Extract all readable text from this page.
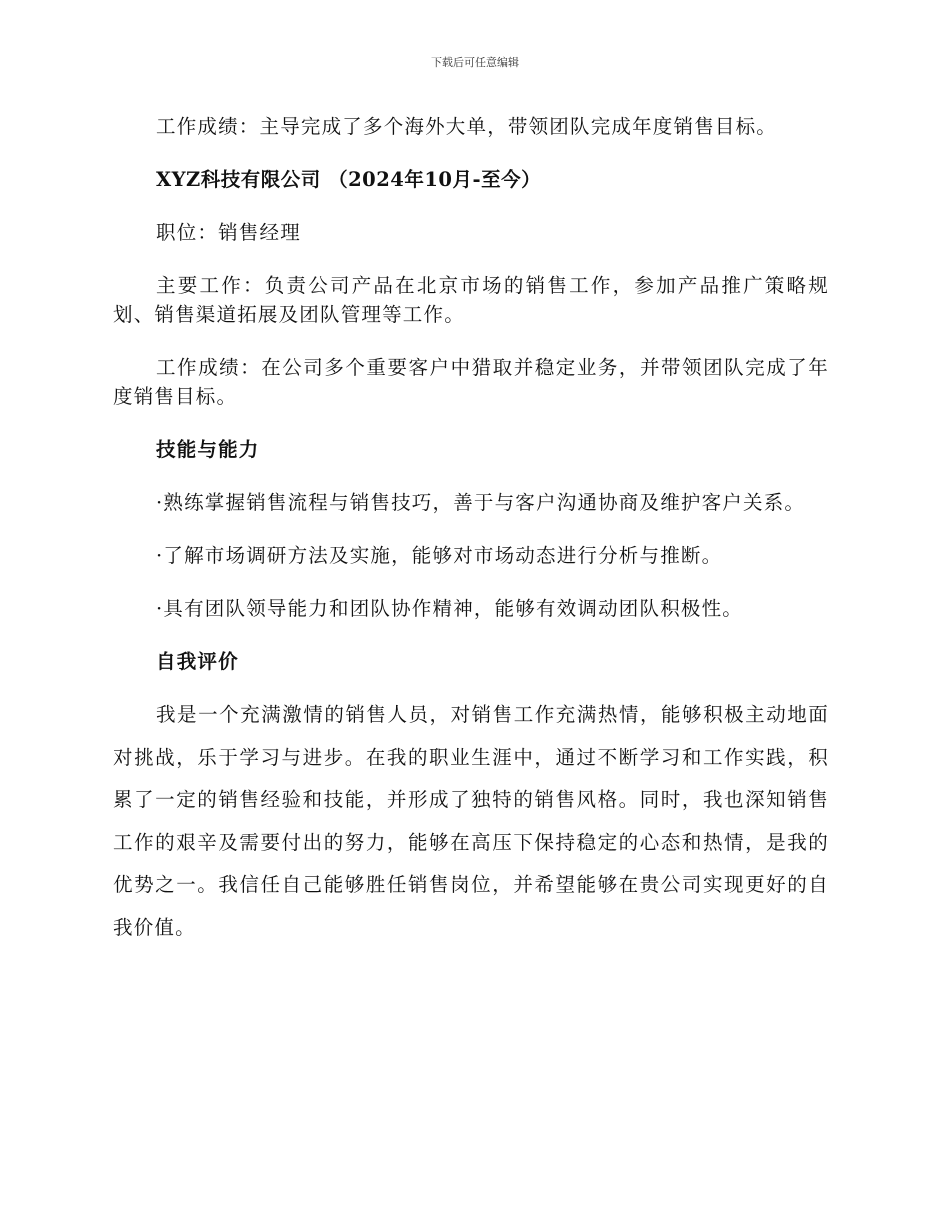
下载后可任意编辑

工作成绩：主导完成了多个海外大单，带领团队完成年度销售目标。

XYZ科技有限公司 （2024年10月-至今）

职位：销售经理

主要工作：负责公司产品在北京市场的销售工作，参加产品推广策略规划、销售渠道拓展及团队管理等工作。

工作成绩：在公司多个重要客户中猎取并稳定业务，并带领团队完成了年度销售目标。

技能与能力

·熟练掌握销售流程与销售技巧，善于与客户沟通协商及维护客户关系。

·了解市场调研方法及实施，能够对市场动态进行分析与推断。

·具有团队领导能力和团队协作精神，能够有效调动团队积极性。

自我评价

我是一个充满激情的销售人员，对销售工作充满热情，能够积极主动地面对挑战，乐于学习与进步。在我的职业生涯中，通过不断学习和工作实践，积累了一定的销售经验和技能，并形成了独特的销售风格。同时，我也深知销售工作的艰辛及需要付出的努力，能够在高压下保持稳定的心态和热情，是我的优势之一。我信任自己能够胜任销售岗位，并希望能够在贵公司实现更好的自我价值。
